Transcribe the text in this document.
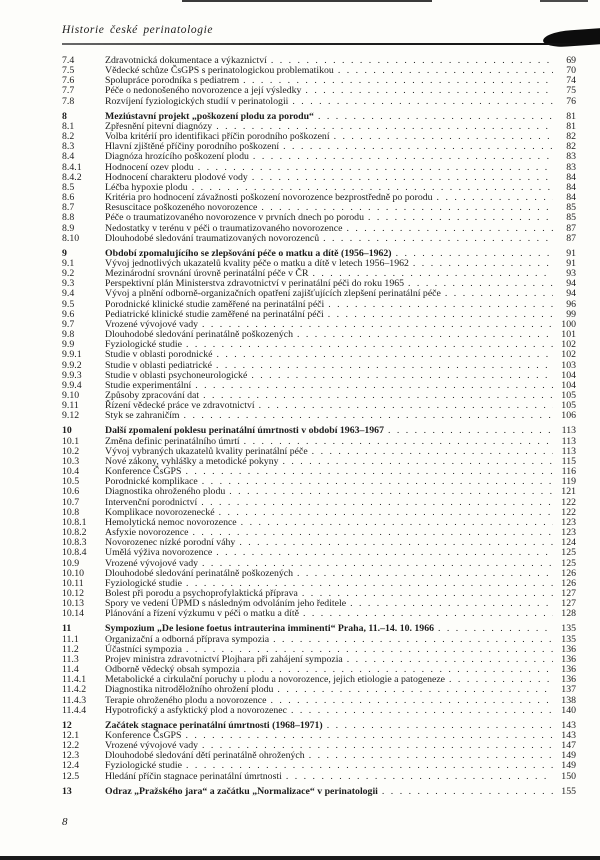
Historie české perinatologie
7.4	Zdravotnická dokumentace a výkaznictví . . .	69
7.5	Vědecké schůze ČsGPS s perinatologickou problematikou . . .	70
7.6	Spolupráce porodníka s pediatrem . . .	74
7.7	Péče o nedonošeného novorozence a její výsledky . . .	75
7.8	Rozvíjení fyziologických studií v perinatologii . . .	76
8	Meziústavní projekt „poškození plodu za porodu“ . . .	81
8.1	Zpřesnění pitevní diagnózy . . .	81
8.2	Volba kritérií pro identifikaci příčin porodního poškození . . .	82
8.3	Hlavní zjištěné příčiny porodního poškození . . .	82
8.4	Diagnóza hrozícího poškození plodu . . .	83
8.4.1	Hodnocení ozev plodu . . .	83
8.4.2	Hodnocení charakteru plodové vody . . .	84
8.5	Léčba hypoxie plodu . . .	84
8.6	Kritéria pro hodnocení závažnosti poškození novorozence bezprostředně po porodu . . .	84
8.7	Resuscitace poškozeného novorozence . . .	85
8.8	Péče o traumatizovaného novorozence v prvních dnech po porodu . . .	85
8.9	Nedostatky v terénu v péči o traumatizovaného novorozence . . .	87
8.10	Dlouhodobé sledování traumatizovaných novorozenců . . .	87
9	Období zpomalujícího se zlepšování péče o matku a dítě (1956–1962) . . .	91
9.1	Vývoj jednotlivých ukazatelů kvality péče o matku a dítě v letech 1956–1962 . . .	91
9.2	Mezinárodní srovnání úrovně perinatální péče v ČR . . .	93
9.3	Perspektivní plán Ministerstva zdravotnictví v perinatální péči do roku 1965 . . .	94
9.4	Vývoj a plnění odborně-organizačních opatření zajišťujících zlepšení perinatální péče . . .	94
9.5	Porodnické klinické studie zaměřené na perinatální péči . . .	96
9.6	Pediatrické klinické studie zaměřené na perinatální péči . . .	99
9.7	Vrozené vývojové vady . . .	100
9.8	Dlouhodobé sledování perinatálně poškozených . . .	101
9.9	Fyziologické studie . . .	102
9.9.1	Studie v oblasti porodnické . . .	102
9.9.2	Studie v oblasti pediatrické . . .	103
9.9.3	Studie v oblasti psychoneurologické . . .	104
9.9.4	Studie experimentální . . .	104
9.10	Způsoby zpracování dat . . .	105
9.11	Řízení vědecké práce ve zdravotnictví . . .	105
9.12	Styk se zahraničím . . .	106
10	Další zpomalení poklesu perinatální úmrtnosti v období 1963–1967 . . .	113
10.1	Změna definic perinatálního úmrtí . . .	113
10.2	Vývoj vybraných ukazatelů kvality perinatální péče . . .	113
10.3	Nové zákony, vyhlášky a metodické pokyny . . .	115
10.4	Konference ČsGPS . . .	116
10.5	Porodnické komplikace . . .	119
10.6	Diagnostika ohroženého plodu . . .	121
10.7	Intervenční porodnictví . . .	122
10.8	Komplikace novorozenecké . . .	122
10.8.1	Hemolytická nemoc novorozence . . .	123
10.8.2	Asfyxie novorozence . . .	123
10.8.3	Novorozenec nízké porodní váhy . . .	124
10.8.4	Umělá výživa novorozence . . .	125
10.9	Vrozené vývojové vady . . .	125
10.10	Dlouhodobé sledování perinatálně poškozených . . .	126
10.11	Fyziologické studie . . .	126
10.12	Bolest při porodu a psychoprofylaktická příprava . . .	127
10.13	Spory ve vedení ÚPMD s následným odvoláním jeho ředitele . . .	127
10.14	Plánování a řízení výzkumu v péči o matku a dítě . . .	128
11	Sympozium „De lesione foetus intrauterina imminenti“ Praha, 11.–14. 10. 1966 . . .	135
11.1	Organizační a odborná příprava sympozia . . .	135
11.2	Účastníci sympozia . . .	136
11.3	Projev ministra zdravotnictví Plojhara při zahájení sympozia . . .	136
11.4	Odborně vědecký obsah sympozia . . .	136
11.4.1	Metabolické a cirkulační poruchy u plodu a novorozence, jejich etiologie a patogeneze . . .	136
11.4.2	Diagnostika nitroděložního ohrožení plodu . . .	137
11.4.3	Terapie ohroženého plodu a novorozence . . .	138
11.4.4	Hypotrofický a asfyktický plod a novorozenec . . .	140
12	Začátek stagnace perinatální úmrtnosti (1968–1971) . . .	143
12.1	Konference ČsGPS . . .	143
12.2	Vrozené vývojové vady . . .	147
12.3	Dlouhodobé sledování dětí perinatálně ohrožených . . .	149
12.4	Fyziologické studie . . .	149
12.5	Hledání příčin stagnace perinatální úmrtnosti . . .	150
13	Odraz „Pražského jara“ a začátku „Normalizace“ v perinatologii . . .	155
8
